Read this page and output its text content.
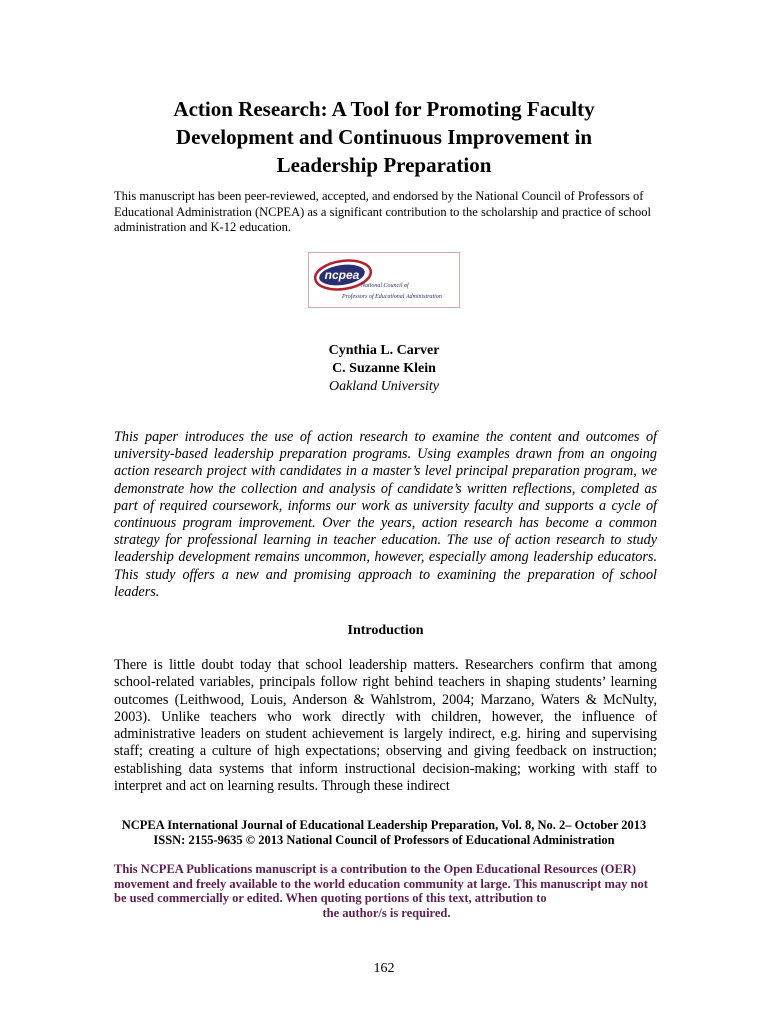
Action Research: A Tool for Promoting Faculty
Development and Continuous Improvement in
Leadership Preparation

This manuscript has been peer-reviewed, accepted, and endorsed by the National Council of Professors of Educational Administration (NCPEA) as a significant contribution to the scholarship and practice of school administration and K-12 education.

ncpea
National Council of
Professors of Educational Administration
Cynthia L. Carver
C. Suzanne Klein
Oakland University

This paper introduces the use of action research to examine the content and outcomes of university-based leadership preparation programs. Using examples drawn from an ongoing action research project with candidates in a master’s level principal preparation program, we demonstrate how the collection and analysis of candidate’s written reflections, completed as part of required coursework, informs our work as university faculty and supports a cycle of continuous program improvement. Over the years, action research has become a common strategy for professional learning in teacher education. The use of action research to study leadership development remains uncommon, however, especially among leadership educators. This study offers a new and promising approach to examining the preparation of school leaders.

Introduction

There is little doubt today that school leadership matters. Researchers confirm that among school-related variables, principals follow right behind teachers in shaping students’ learning outcomes (Leithwood, Louis, Anderson & Wahlstrom, 2004; Marzano, Waters & McNulty, 2003). Unlike teachers who work directly with children, however, the influence of administrative leaders on student achievement is largely indirect, e.g. hiring and supervising staff; creating a culture of high expectations; observing and giving feedback on instruction; establishing data systems that inform instructional decision-making; working with staff to interpret and act on learning results. Through these indirect

NCPEA International Journal of Educational Leadership Preparation, Vol. 8, No. 2– October 2013
ISSN: 2155-9635 © 2013 National Council of Professors of Educational Administration

This NCPEA Publications manuscript is a contribution to the Open Educational Resources (OER) movement and freely available to the world education community at large. This manuscript may not be used commercially or edited. When quoting portions of this text, attribution to
the author/s is required.

162
